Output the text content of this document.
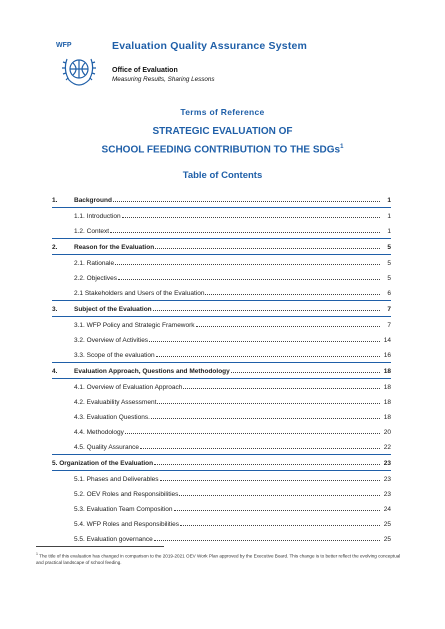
WFP	Evaluation Quality Assurance System
Office of Evaluation
Measuring Results, Sharing Lessons
Terms of Reference
STRATEGIC EVALUATION OF
SCHOOL FEEDING CONTRIBUTION TO THE SDGs$^1$
Table of Contents
1.	Background	1
1.1. Introduction	1
1.2. Context	1
2.	Reason for the Evaluation	5
2.1. Rationale	5
2.2. Objectives	5
2.1 Stakeholders and Users of the Evaluation	6
3.	Subject of the Evaluation	7
3.1. WFP Policy and Strategic Framework	7
3.2. Overview of Activities	14
3.3. Scope of the evaluation	16
4.	Evaluation Approach, Questions and Methodology	18
4.1. Overview of Evaluation Approach	18
4.2. Evaluability Assessment	18
4.3. Evaluation Questions.	18
4.4. Methodology	20
4.5. Quality Assurance	22
5. Organization of the Evaluation	23
5.1. Phases and Deliverables	23
5.2. OEV Roles and Responsibilities	23
5.3. Evaluation Team Composition	24
5.4. WFP Roles and Responsibilities	25
5.5. Evaluation governance	25
$^1$ The title of this evaluation has changed in comparison to the 2019-2021 OEV Work Plan approved by the Executive Board. This change is to better reflect the evolving conceptual and practical landscape of school feeding.
